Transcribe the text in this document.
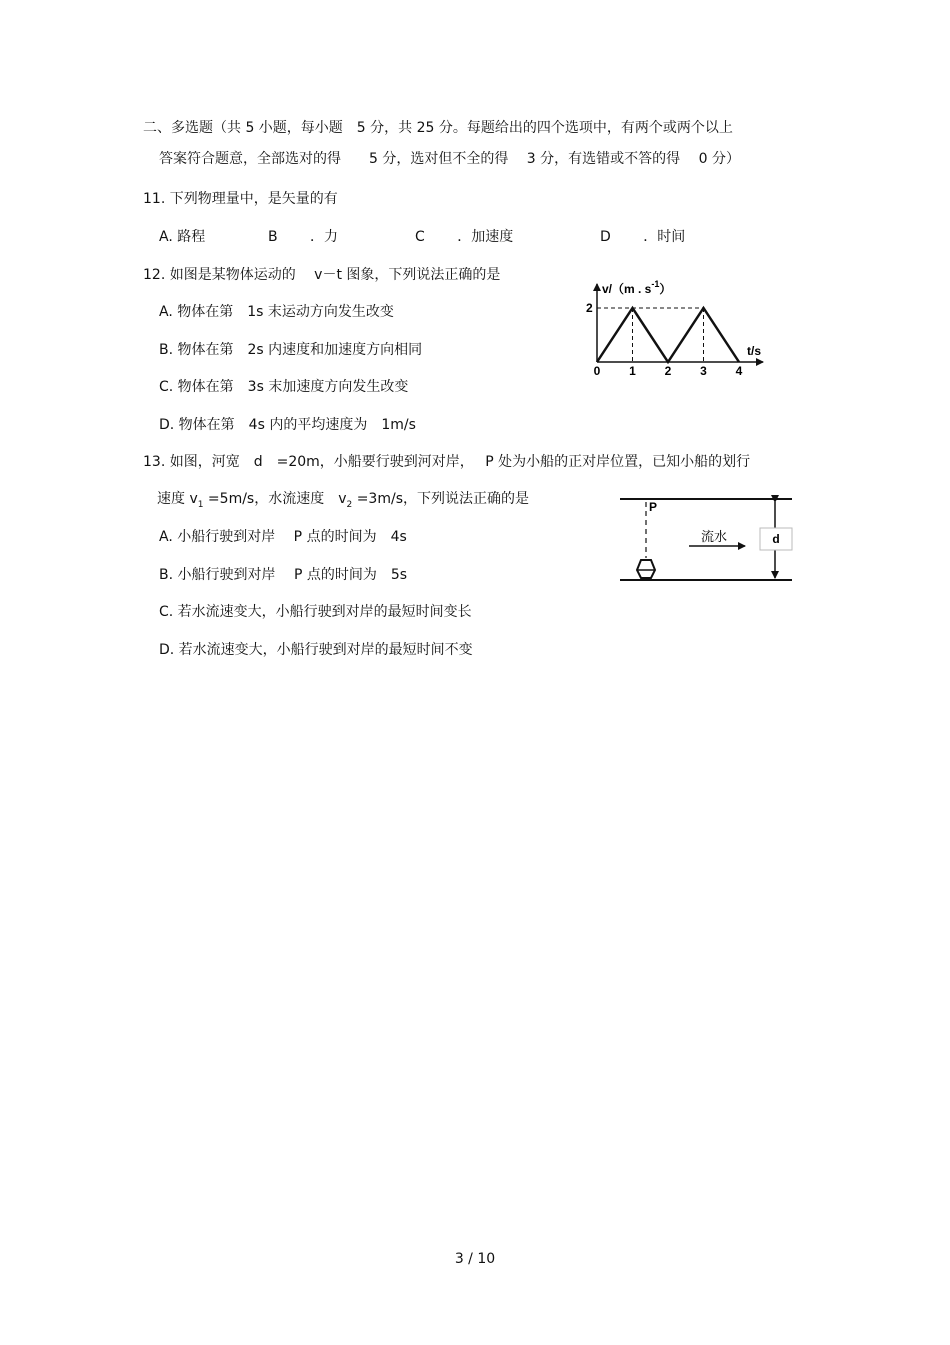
二、多选题（共 5 小题，每小题　5 分，共 25 分。每题给出的四个选项中，有两个或两个以上
答案符合题意，全部选对的得　　5 分，选对但不全的得　 3 分，有选错或不答的得　 0 分）
11. 下列物理量中，是矢量的有
A. 路程	B　　 ．力	C　　 ．加速度	D　　 ．时间
12. 如图是某物体运动的　 v－t 图象，下列说法正确的是
A. 物体在第　1s 末运动方向发生改变
B. 物体在第　2s 内速度和加速度方向相同
C. 物体在第　3s 末加速度方向发生改变
D. 物体在第　4s 内的平均速度为　1m/s
v/（m . $s^{-1}$）
2
t/s
0 1 2 3 4
13. 如图，河宽　d　=20m，小船要行驶到河对岸，　 P 处为小船的正对岸位置，已知小船的划行
速度 $v_1 =5m/s$，水流速度　$v_2 =3m/s$，下列说法正确的是
A. 小船行驶到对岸　 P 点的时间为　4s
B. 小船行驶到对岸　 P 点的时间为　5s
C. 若水流速变大，小船行驶到对岸的最短时间变长
D. 若水流速变大，小船行驶到对岸的最短时间不变
P
流水	d
3 / 10
